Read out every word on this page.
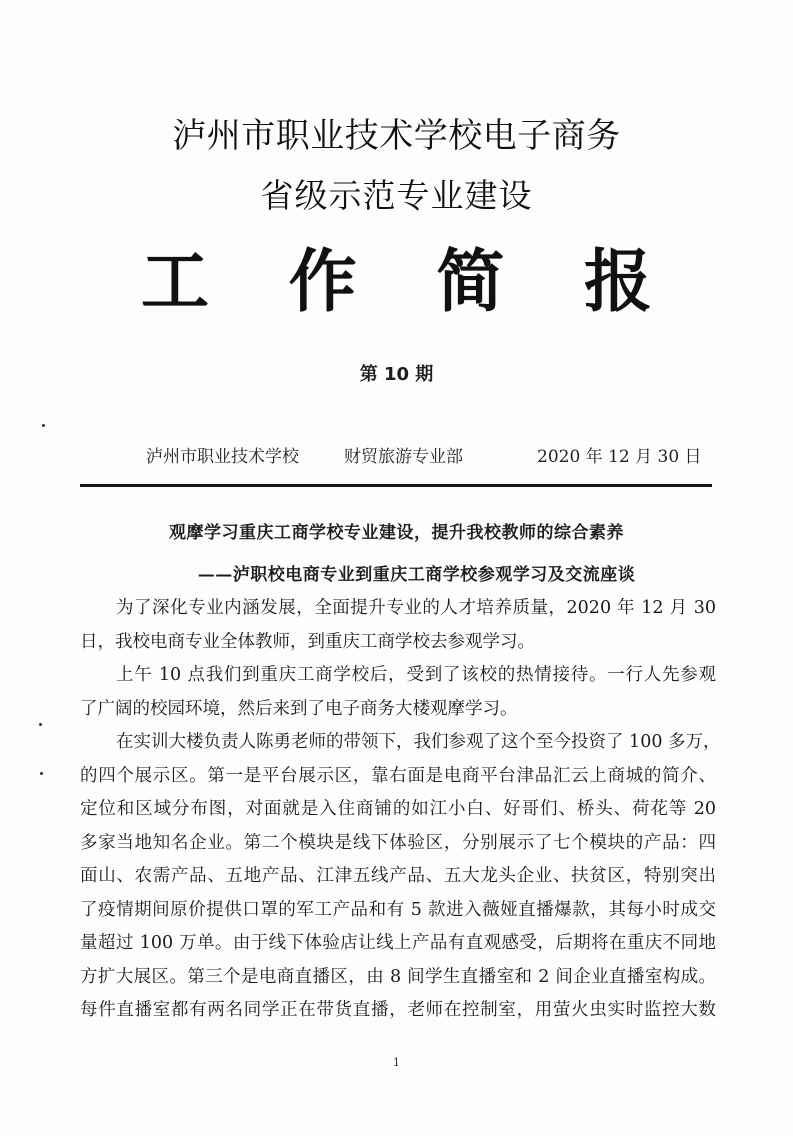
泸州市职业技术学校电子商务
省级示范专业建设
工 作 简 报
第 10 期
泸州市职业技术学校	财贸旅游专业部	2020 年 12 月 30 日
观摩学习重庆工商学校专业建设，提升我校教师的综合素养
——泸职校电商专业到重庆工商学校参观学习及交流座谈
为了深化专业内涵发展，全面提升专业的人才培养质量，2020 年 12 月 30
日，我校电商专业全体教师，到重庆工商学校去参观学习。
上午 10 点我们到重庆工商学校后，受到了该校的热情接待。一行人先参观
了广阔的校园环境，然后来到了电子商务大楼观摩学习。
在实训大楼负责人陈勇老师的带领下，我们参观了这个至今投资了 100 多万，
的四个展示区。第一是平台展示区，靠右面是电商平台津品汇云上商城的简介、
定位和区域分布图，对面就是入住商铺的如江小白、好哥们、桥头、荷花等 20
多家当地知名企业。第二个模块是线下体验区，分别展示了七个模块的产品：四
面山、农需产品、五地产品、江津五线产品、五大龙头企业、扶贫区，特别突出
了疫情期间原价提供口罩的军工产品和有 5 款进入薇娅直播爆款，其每小时成交
量超过 100 万单。由于线下体验店让线上产品有直观感受，后期将在重庆不同地
方扩大展区。第三个是电商直播区，由 8 间学生直播室和 2 间企业直播室构成。
每件直播室都有两名同学正在带货直播，老师在控制室，用萤火虫实时监控大数
1
